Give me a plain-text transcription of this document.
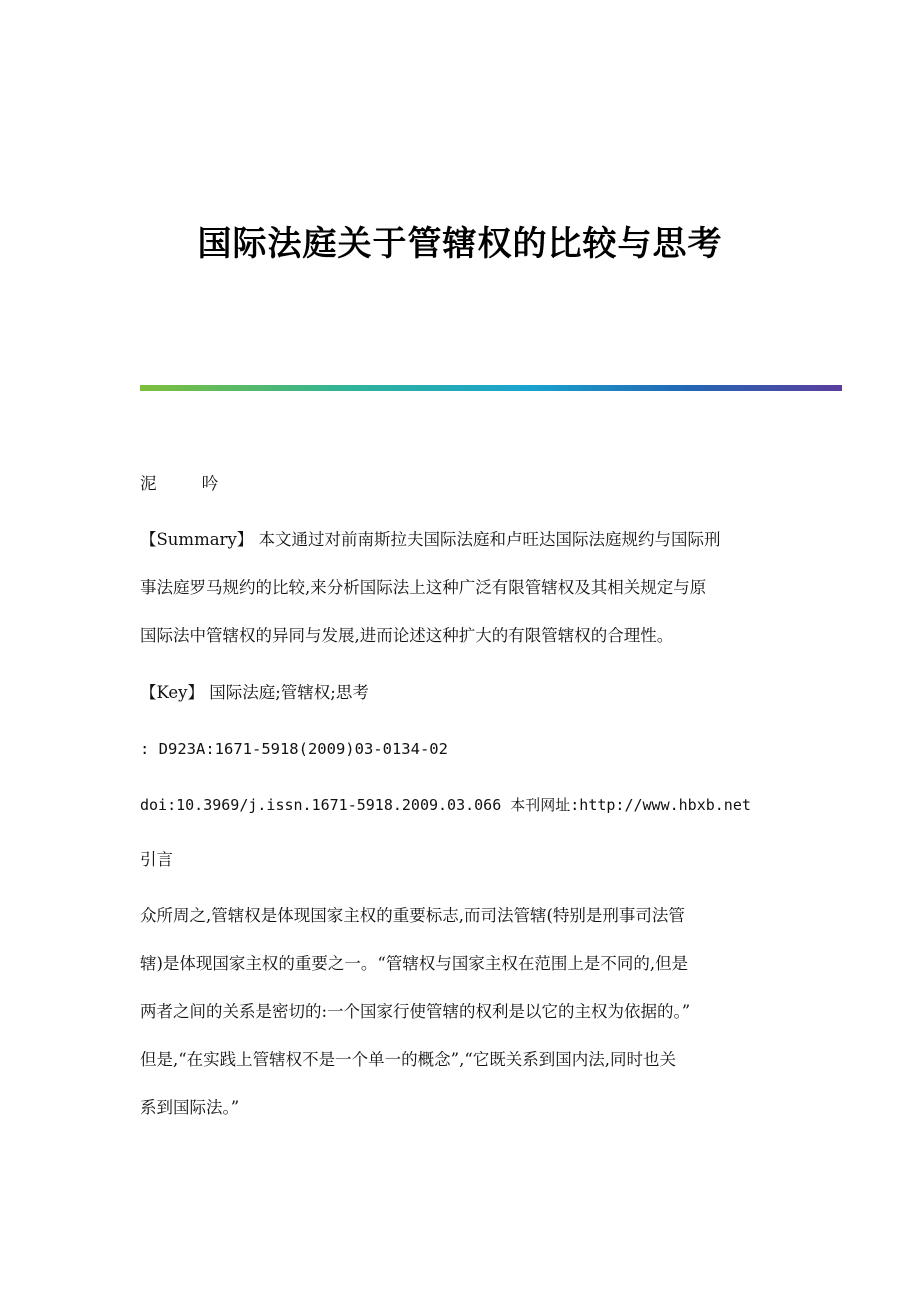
国际法庭关于管辖权的比较与思考
泥 吟
【Summary】 本文通过对前南斯拉夫国际法庭和卢旺达国际法庭规约与国际刑
事法庭罗马规约的比较,来分析国际法上这种广泛有限管辖权及其相关规定与原
国际法中管辖权的异同与发展,进而论述这种扩大的有限管辖权的合理性。
【Key】 国际法庭;管辖权;思考
: D923A:1671-5918(2009)03-0134-02
doi:10.3969/j.issn.1671-5918.2009.03.066 本刊网址:http://www.hbxb.net
引言
众所周之,管辖权是体现国家主权的重要标志,而司法管辖(特别是刑事司法管
辖)是体现国家主权的重要之一。“管辖权与国家主权在范围上是不同的,但是
两者之间的关系是密切的:一个国家行使管辖的权利是以它的主权为依据的。”
但是,“在实践上管辖权不是一个单一的概念”,“它既关系到国内法,同时也关
系到国际法。”
